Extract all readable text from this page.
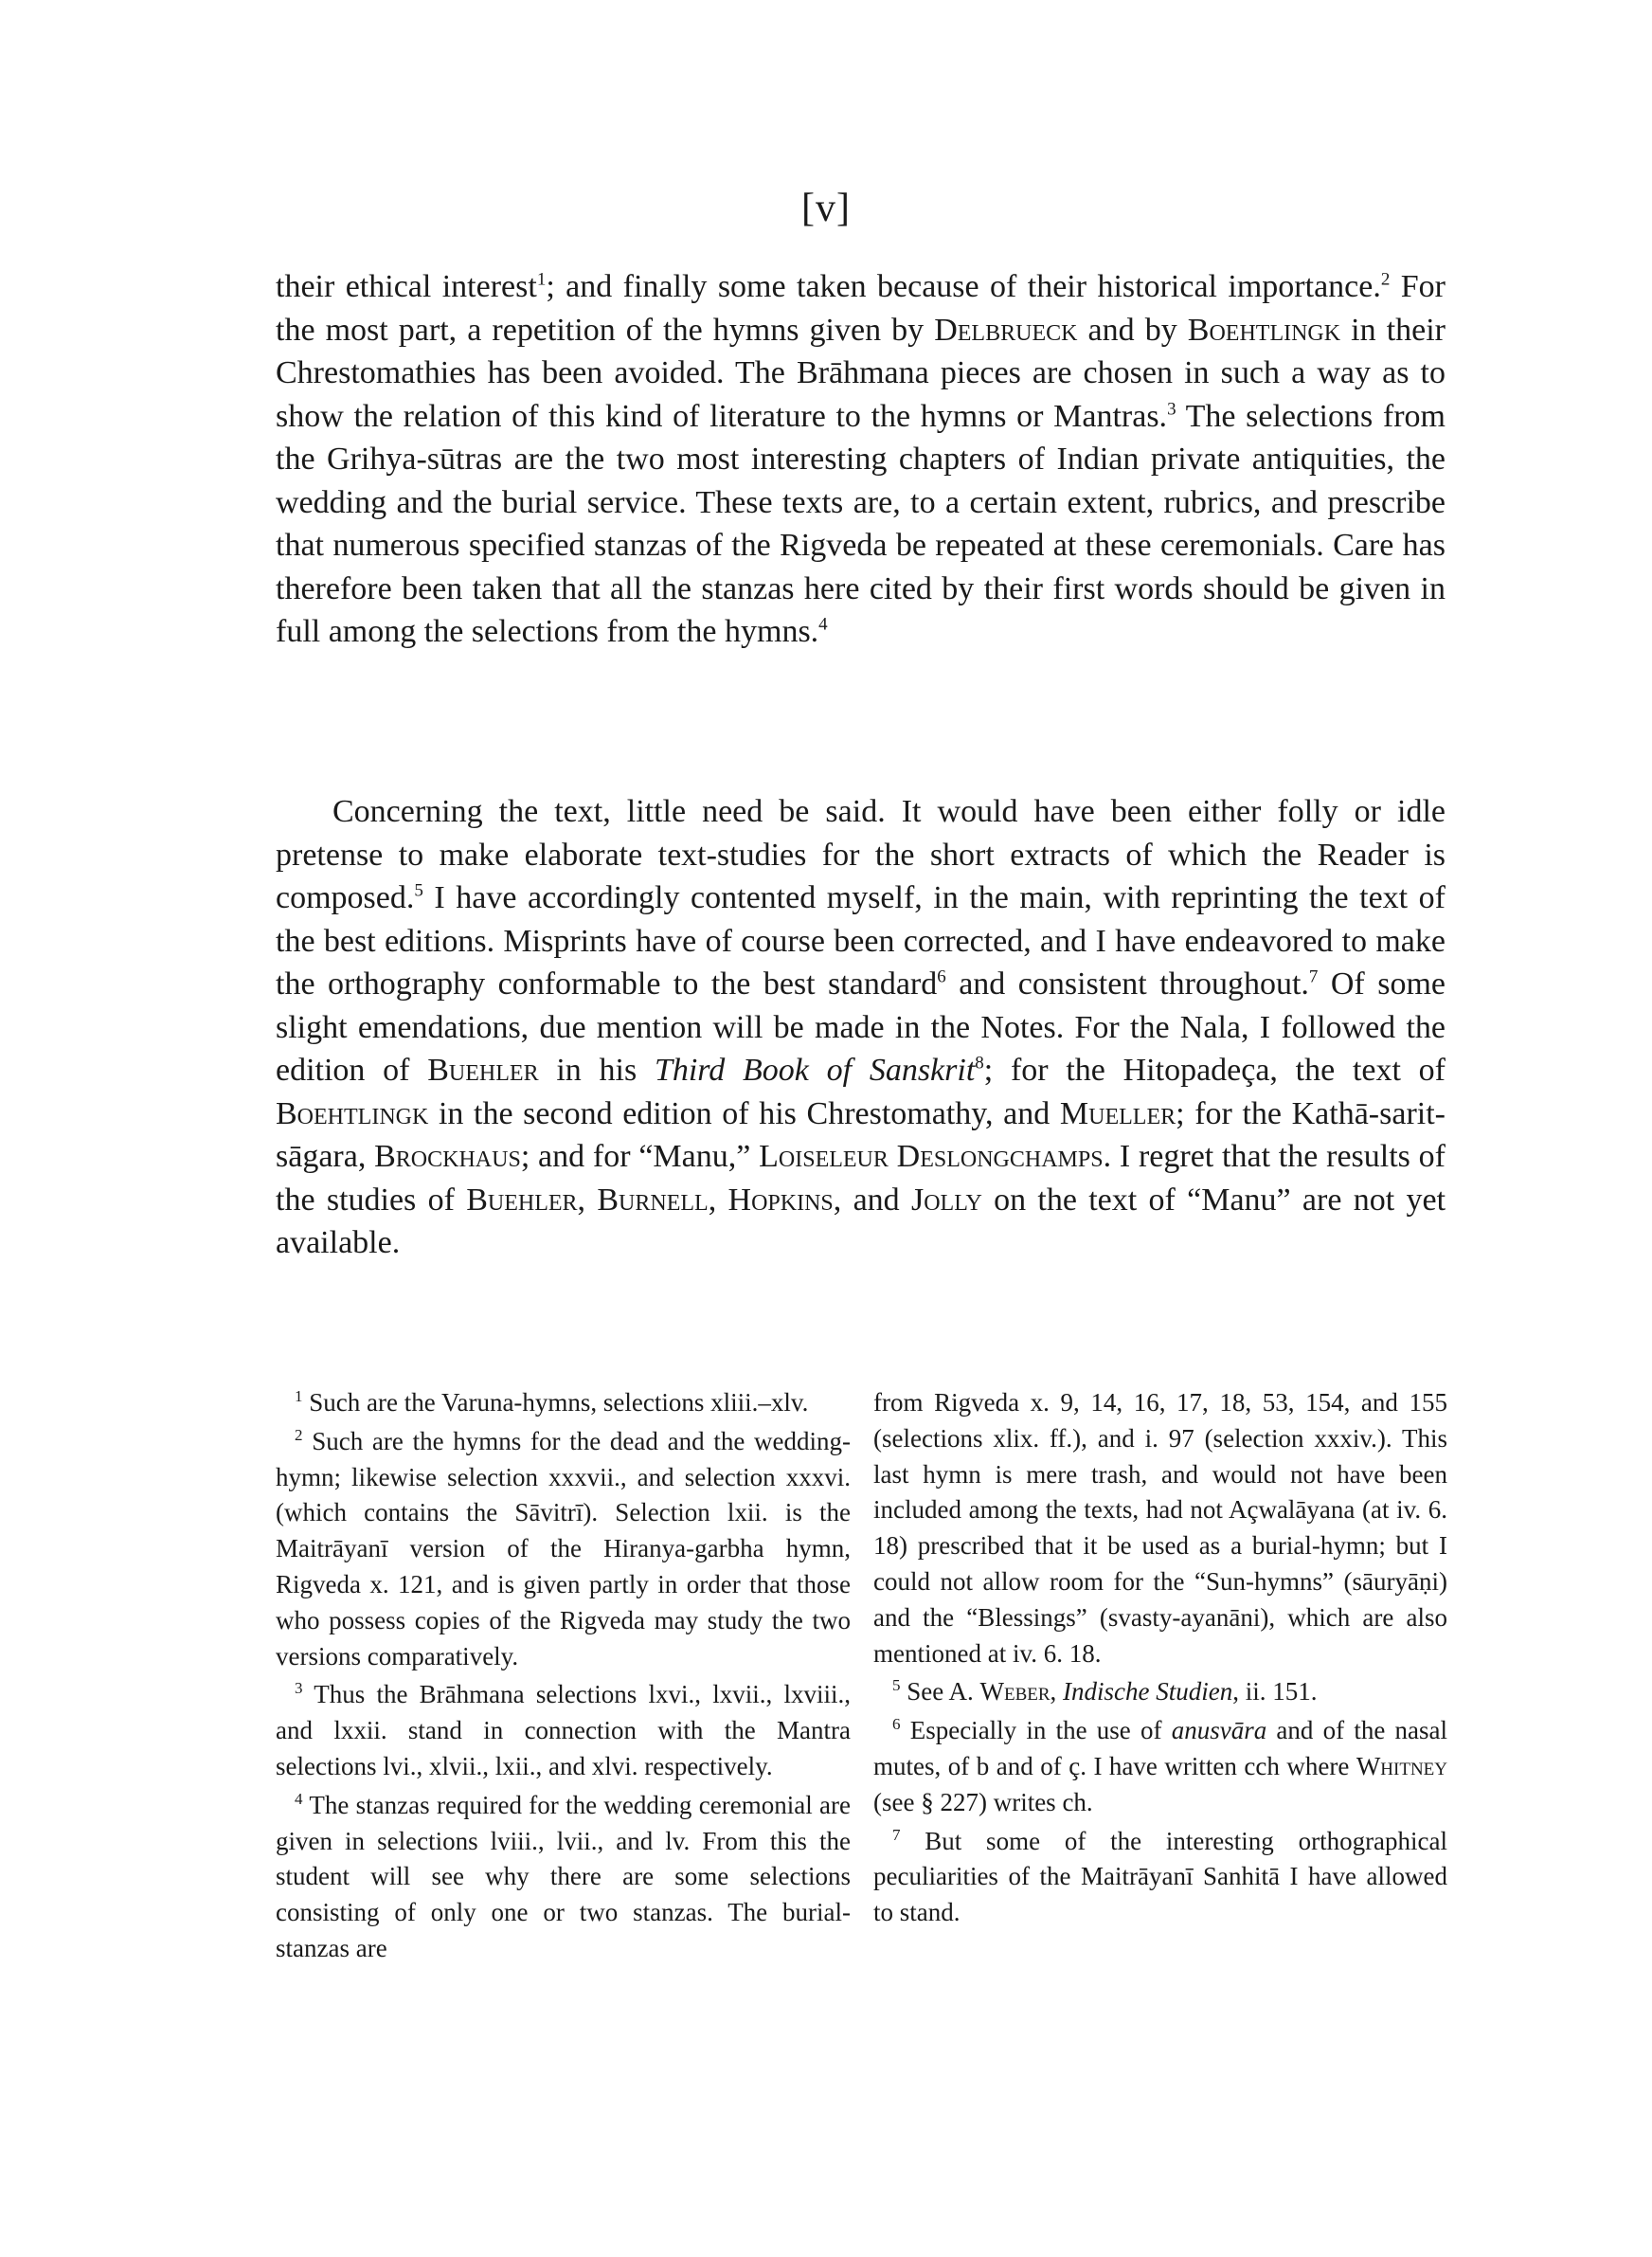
[v]

their ethical interest$^1$; and finally some taken because of their historical importance.$^2$ For the most part, a repetition of the hymns given by Delbrueck and by Boehtlingk in their Chrestomathies has been avoided. The Brāhmana pieces are chosen in such a way as to show the relation of this kind of literature to the hymns or Mantras.$^3$ The selections from the Grihya-sūtras are the two most interesting chapters of Indian private antiquities, the wedding and the burial service. These texts are, to a certain extent, rubrics, and prescribe that numerous specified stanzas of the Rigveda be repeated at these ceremonials. Care has therefore been taken that all the stanzas here cited by their first words should be given in full among the selections from the hymns.$^4$

Concerning the text, little need be said. It would have been either folly or idle pretense to make elaborate text-studies for the short extracts of which the Reader is composed.$^5$ I have accordingly contented myself, in the main, with reprinting the text of the best editions. Misprints have of course been corrected, and I have endeavored to make the orthography conformable to the best standard$^6$ and consistent throughout.$^7$ Of some slight emendations, due mention will be made in the Notes. For the Nala, I followed the edition of Buehler in his Third Book of Sanskrit$^8$; for the Hitopadeça, the text of Boehtlingk in the second edition of his Chrestomathy, and Mueller; for the Kathā-sarit-sāgara, Brockhaus; and for “Manu,” Loiseleur Deslongchamps. I regret that the results of the studies of Buehler, Burnell, Hopkins, and Jolly on the text of “Manu” are not yet available.

$^1$ Such are the Varuna-hymns, selections xliii.–xlv.

$^2$ Such are the hymns for the dead and the wedding-hymn; likewise selection xxxvii., and selection xxxvi. (which contains the Sāvitrī). Selection lxii. is the Maitrāyanī version of the Hiranya-garbha hymn, Rigveda x. 121, and is given partly in order that those who possess copies of the Rigveda may study the two versions comparatively.

$^3$ Thus the Brāhmana selections lxvi., lxvii., lxviii., and lxxii. stand in connection with the Mantra selections lvi., xlvii., lxii., and xlvi. respectively.

$^4$ The stanzas required for the wedding ceremonial are given in selections lviii., lvii., and lv. From this the student will see why there are some selections consisting of only one or two stanzas. The burial-stanzas are

from Rigveda x. 9, 14, 16, 17, 18, 53, 154, and 155 (selections xlix. ff.), and i. 97 (selection xxxiv.). This last hymn is mere trash, and would not have been included among the texts, had not Açwalāyana (at iv. 6. 18) prescribed that it be used as a burial-hymn; but I could not allow room for the “Sun-hymns” (sāuryāṇi) and the “Blessings” (svasty-ayanāni), which are also mentioned at iv. 6. 18.

$^5$ See A. Weber, Indische Studien, ii. 151.

$^6$ Especially in the use of anusvāra and of the nasal mutes, of b and of ç. I have written cch where Whitney (see § 227) writes ch.

$^7$ But some of the interesting orthographical peculiarities of the Maitrāyanī Sanhitā I have allowed to stand.
